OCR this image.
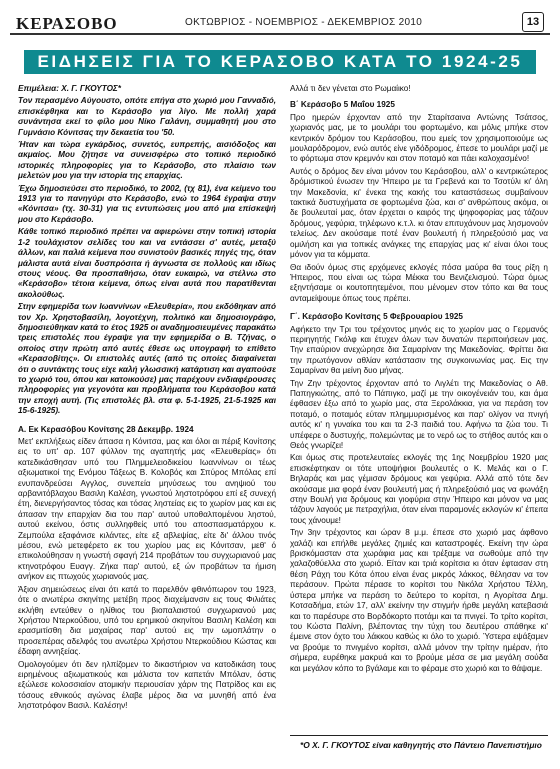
ΚΕΡΑΣΟΒΟ	ΟΚΤΩΒΡΙΟΣ - ΝΟΕΜΒΡΙΟΣ - ΔΕΚΕΜΒΡΙΟΣ 2010	13
ΕΙΔΗΣΕΙΣ ΓΙΑ ΤΟ ΚΕΡΑΣΟΒΟ ΚΑΤΑ ΤΟ 1924-25

Επιμέλεια: Χ. Γ. ΓΚΟΥΤΟΣ*

Τον περασμένο Αύγουστο, οπότε επήγα στο χωριό μου Γανναδιό, επισκέφθηκα και το Κεράσοβο για λίγο. Με πολλή χαρά συνάντησα εκεί το φίλο μου Νίκο Γαλάνη, συμμαθητή μου στο Γυμνάσιο Κόνιτσας την δεκαετία του '50.

Ήταν και τώρα εγκάρδιος, συνετός, ευπρεπής, αισιόδοξος και ακμαίος. Μου ζήτησε να συνεισφέρω στο τοπικό περιοδικό ιστορικές πληροφορίες για το Κεράσοβο, στο πλαίσιο των μελετών μου για την ιστορία της επαρχίας.

Έχω δημοσιεύσει στο περιοδικό, το 2002, (τχ 81), ένα κείμενο του 1913 για το πανηγύρι στο Κεράσοβο, ενώ το 1964 έγραψα στην «Κόνιτσα» (τχ. 30-31) για τις εντυπώσεις μου από μια επίσκεψή μου στο Κεράσοβο.

Κάθε τοπικό περιοδικό πρέπει να αφιερώνει στην τοπική ιστορία 1-2 τουλάχιστον σελίδες του και να εντάσσει σ' αυτές, μεταξύ άλλων, και παλιά κείμενα που συνιστούν βασικές πηγές της, όταν μάλιστα αυτά είναι δυσπρόσιτα ή άγνωστα σε πολλούς και ιδίως στους νέους. Θα προσπαθήσω, όταν ευκαιρώ, να στέλνω στο «Κεράσοβο» τέτοια κείμενα, όπως είναι αυτά που παρατίθενται ακολούθως.

Στην εφημερίδα των Ιωαννίνων «Ελευθερία», που εκδόθηκαν από τον Χρ. Χρηστοβασίλη, λογοτέχνη, πολιτικό και δημοσιογράφο, δημοσιεύθηκαν κατά το έτος 1925 οι αναδημοσιευμένες παρακάτω τρεις επιστολές που έγραψε για την εφημερίδα ο Β. Τζήνας, ο οποίος στην πρώτη από αυτές έθεσε ως υπογραφή το επίθετο «Κερασοβίτης». Οι επιστολές αυτές (από τις οποίες διαφαίνεται ότι ο συντάκτης τους είχε καλή γλωσσική κατάρτιση και αγαπούσε το χωριό του, όπου και κατοικούσε) μας παρέχουν ενδιαφέρουσες πληροφορίες για γεγονότα και προβλήματα του Κεράσοβου κατά την εποχή αυτή. (Τις επιστολές βλ. στα φ. 5-1-1925, 21-5-1925 και 15-6-1925).

Α. Εκ Κερασόβου Κονίτσης 28 Δεκεμβρ. 1924

Μετ' εκπλήξεως είδεν άπασα η Κόνιτσα, μας και όλοι αι πέριξ Κονίτσης εις το υπ' αρ. 107 φύλλον της αγαπητής μας «Ελευθερίας» ότι κατεδικάσθησαν υπό του Πλημμελειοδικείου Ιωαννίνων οι τέως αξιωματικοί της Ενόμου Τάξεως Β. Κολοβός και Σπύρος Μπόλας επί ενυπανδρεύσει Αγγλος, συνεπεία μηνύσεως του ανηψιού του αρβανιτόβλαχου Βασιλη Καλέση, γνωστού ληστοτρόφου επί εξ συνεχή έτη, διενεργήσαντος τόσας και τόσας ληστείας εις το χωρίον μας και εις άπασαν την επαρχίαν δια του παρ' αυτού υποθαλπομένου ληστού, αυτού εκείνου, όστις συλληφθείς υπό του αποσπασματάρχου κ. Ζεμπούλα εξαφάνισε κιλάντες, είτε εξ αβλεψίας, είτε δι' άλλου τινός μέσου, ενώ μετεφέρετο εκ του χωρίου μας εις Κόνιτσαν, μεθ' ό επικολούθησαν η γνωστή σφαγή 214 προβάτων του συγχωριανού μας κτηνοτρόφου Ευαγγ. Ζήκα παρ' αυτού, εξ ών προβάτων τα ήμιση ανήκον εις πτωχούς χωριανούς μας.

Άξιον σημειώσεως είναι ότι κατά το παρελθόν φθινόπωρον του 1923, ότε ο ανωτέρω σκηνίτης μετέβη προς διαχείμανσιν εις τους Φιλιάτες εκλήθη εντεύθεν ο ηλίθιος του βιοπαλαιστού συγχωριανού μας Χρήστου Ντερκούδιου, υπό του ερημικού σκηνίτου Βασιλη Καλέση και ερασμιτίσθη δια μαχαίρας παρ' αυτού εις την ωμοπλάτην ο προσεπέρας αδελφός του ανωτέρω Χρήστου Ντερκούδιου Κώστας και έδαφη αννηξείας.

Ομολογούμεν ότι δεν ηλπίζομεν το δικαστήριον να κατοδικάση τους ειρημένους αξιωματικούς και μάλιστα τον καπετάν Μπόλαν, όστις εξώλεσε κολοσσιαίον ατομικήν περιουσίαν χάριν της Πατρίδος και εις τόσους εθνικούς αγώνας έλαβε μέρος δια να μυνηθή από ένα ληστοτρόφον Βασιλ. Καλέσην!

Αλλά τι δεν γένεται στο Ρωμαίικο!

Β΄ Κεράσοβο 5 Μαΐου 1925

Προ ημερών έρχονταν από την Σταρίτσαινα Αντώνης Τσάτσος, χωριανός μας, με το μουλάρι του φορτωμένο, και μόλις μπήκε στον κεντρικόν δρόμον του Κεράσοβου, που εμείς τον χρησιμοποιούμε ως μουλαρόδρομον, ενώ αυτός είνε γιδόδρομος, έπεσε το μουλάρι μαζί με το φόρτωμα στον κρεμνόν και στον ποταμό και πάει καλοχασμένο!

Αυτός ο δρόμος δεν είναι μόνον του Κεράσοβου, αλλ' ο κεντρικώτερος δρόμιστικού ένωσεν την Ήπειρο με τα Γρεβενά και το Τσοτύλι κι' όλη την Μακεδονία, κι' ένεκα της κακής του καταστάσεως συμβαίνουν τακτικά δυστυχήματα σε φορτωμένα ζώα, και σ' ανθρώπους ακόμα, οι δε βουλευταί μας, όταν έρχεται ο καιρός της ψηφοφορίας μας τάζουν δρόμους, γεφύρια, τηλέφωνο κ.τ.λ. κι όταν επιτυχάνουν μας λησμονούν τελείως. Δεν ακούσαμε ποτέ έναν βουλευτή ή πληρεξούσιό μας να ομιλήση και για τοπικές ανάγκες της επαρχίας μας κι' είναι όλοι τους μόνον για τα κόμματα.

Θα ιδούν όμως στις ερχόμενες εκλογές πόσα μαύρα θα τους ρίξη η Ήπειρος, που είναι ως τώρα Μέκκα του Βενιζελισμού. Τώρα όμως εξηντήσαμε οι κουτοπητεμένοι, που μένομεν στον τόπο και θα τους ανταμείψουμε όπως τους πρέπει.

Γ΄. Κεράσοβο Κονίτσης 5 Φεβρουαρίου 1925

Αφήκετο την Τρι του τρέχοντος μηνός εις το χωρίον μας ο Γερμανός περιηγητής Γκόλφ και έτυχεν όλων των δυνατών περιποιήσεων μας. Την επαύριον ανεχώρησε δια Σαμαρίναν της Μακεδονίας. Φρίττει δια την πρωτόγονον αθλίαν κατάστασιν της συγκοινωνίας μας. Εις την Σαμαρίναν θα μείνη δυο μήνας.

Την Ζην τρέχοντος έρχονταν από το Λιγλέτι της Μακεδονίας ο Αθ. Παπηγκιώτης, από το Πάπιγκο, μαζί με την οικογένειάν του, και άμα έφθασεν έξω από το χωρίο μας, στα Ξερολάκκια, για να περάση τον ποταμό, ο ποταμός εύταν πλημμυρισμένος και παρ' ολίγον να πνιγή αυτός κι' η γυναίκα του και τα 2-3 παιδιά του. Αφήνω τα ζώα του. Τι υπέφερε ο δυστυχής, πολεμώντας με το νερό ως το στήθος αυτός και ο Θεός γνωρίζει!

Και όμως στις προτελευταίες εκλογές της 1ης Νοεμβρίου 1920 μας επισκέφτηκαν οι τότε υποψήφιοι βουλευτές ο Κ. Μελάς και ο Γ. Βηλαράς και μας γέμισαν δρόμους και γεφύρια. Αλλά από τότε δεν ακούσαμε μια φορά έναν βουλευτή μας ή πληρεξούσιό μας να φωνάξη στην Βουλή για δρόμους και γιοφύρια στην Ήπειρο και μόνον να μας τάζουν λαγούς με πετραχήλια, όταν είναι παραμονές εκλογών κι' έπειτα τους χάνουμε!

Την 3ην τρέχοντος και ώραν 8 μ.μ. έπεσε στο χωριό μας άφθονο χαλάζι και επήλθε μεγάλες ζημιές και καταστροφές. Εκείνη την ώρα βρισκόμασταν στα χωράφια μας και τρέξαμε να σωθούμε από την χαλαζοθύελλα στο χωριό. Είταν και τριά κορίτσια κι όταν έφτασαν στη θέση Ράχη του Κότα όπου είναι ένας μικρός λάκκος, θέλησαν να τον περάσουν. Πρώτα πέρασε το κορίτσι του Νικόλα Χρήστου Τέλλη, ύστερα μπήκε να περάση το δεύτερο το κορίτσι, η Αγορίτσα Δημ. Κοτσαδήμα, ετών 17, αλλ' εκείνην την στιγμήν ήρθε μεγάλη κατεβασιά και το παρέσυρε στο Βορδόκορτο ποτάμι και τα πνιγεί. Το τρίτο κορίτσι, του Κώστα Παλίνη, βλέποντας την τύχη του δευτέρου σπάθηκε κι' έμεινε στον όχτο του λάκκου καθώς κι όλο το χωριό. Ύστερα εψάξαμεν να βρούμε το πνιγμένο κορίτσι, αλλά μόνον την τρίτην ημέραν, ήτο σήμερα, ευρέθηκε μακρυά και το βρούμε μέσα σε μια μεγάλη σούδα και μεγάλον κόπο το βγάλαμε και το φέραμε στο χωριό και το θάψαμε.

*Ο Χ. Γ. ΓΚΟΥΤΟΣ είναι καθηγητής στο Πάντειο Πανεπιστήμιο
